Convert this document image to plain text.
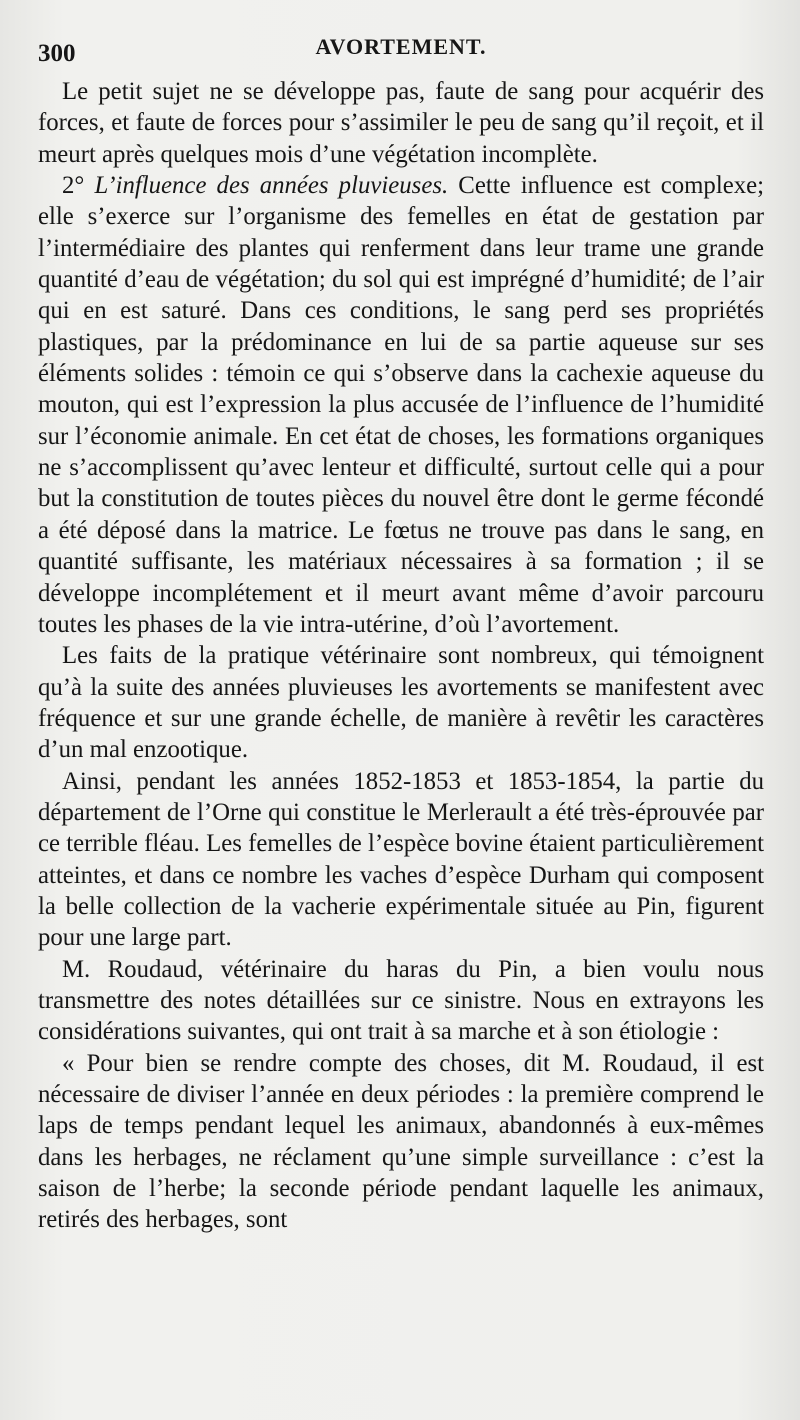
300	AVORTEMENT.

Le petit sujet ne se développe pas, faute de sang pour acquérir des forces, et faute de forces pour s’assimiler le peu de sang qu’il reçoit, et il meurt après quelques mois d’une végétation incomplète.

2° L’influence des années pluvieuses. Cette influence est complexe; elle s’exerce sur l’organisme des femelles en état de gestation par l’intermédiaire des plantes qui renferment dans leur trame une grande quantité d’eau de végétation; du sol qui est imprégné d’humidité; de l’air qui en est saturé. Dans ces conditions, le sang perd ses propriétés plastiques, par la prédominance en lui de sa partie aqueuse sur ses éléments solides : témoin ce qui s’observe dans la cachexie aqueuse du mouton, qui est l’expression la plus accusée de l’influence de l’humidité sur l’économie animale. En cet état de choses, les formations organiques ne s’accomplissent qu’avec lenteur et difficulté, surtout celle qui a pour but la constitution de toutes pièces du nouvel être dont le germe fécondé a été déposé dans la matrice. Le fœtus ne trouve pas dans le sang, en quantité suffisante, les matériaux nécessaires à sa formation ; il se développe incomplétement et il meurt avant même d’avoir parcouru toutes les phases de la vie intra-utérine, d’où l’avortement.

Les faits de la pratique vétérinaire sont nombreux, qui témoignent qu’à la suite des années pluvieuses les avortements se manifestent avec fréquence et sur une grande échelle, de manière à revêtir les caractères d’un mal enzootique.

Ainsi, pendant les années 1852-1853 et 1853-1854, la partie du département de l’Orne qui constitue le Merlerault a été très-éprouvée par ce terrible fléau. Les femelles de l’espèce bovine étaient particulièrement atteintes, et dans ce nombre les vaches d’espèce Durham qui composent la belle collection de la vacherie expérimentale située au Pin, figurent pour une large part.

M. Roudaud, vétérinaire du haras du Pin, a bien voulu nous transmettre des notes détaillées sur ce sinistre. Nous en extrayons les considérations suivantes, qui ont trait à sa marche et à son étiologie :

« Pour bien se rendre compte des choses, dit M. Roudaud, il est nécessaire de diviser l’année en deux périodes : la première comprend le laps de temps pendant lequel les animaux, abandonnés à eux-mêmes dans les herbages, ne réclament qu’une simple surveillance : c’est la saison de l’herbe; la seconde période pendant laquelle les animaux, retirés des herbages, sont
